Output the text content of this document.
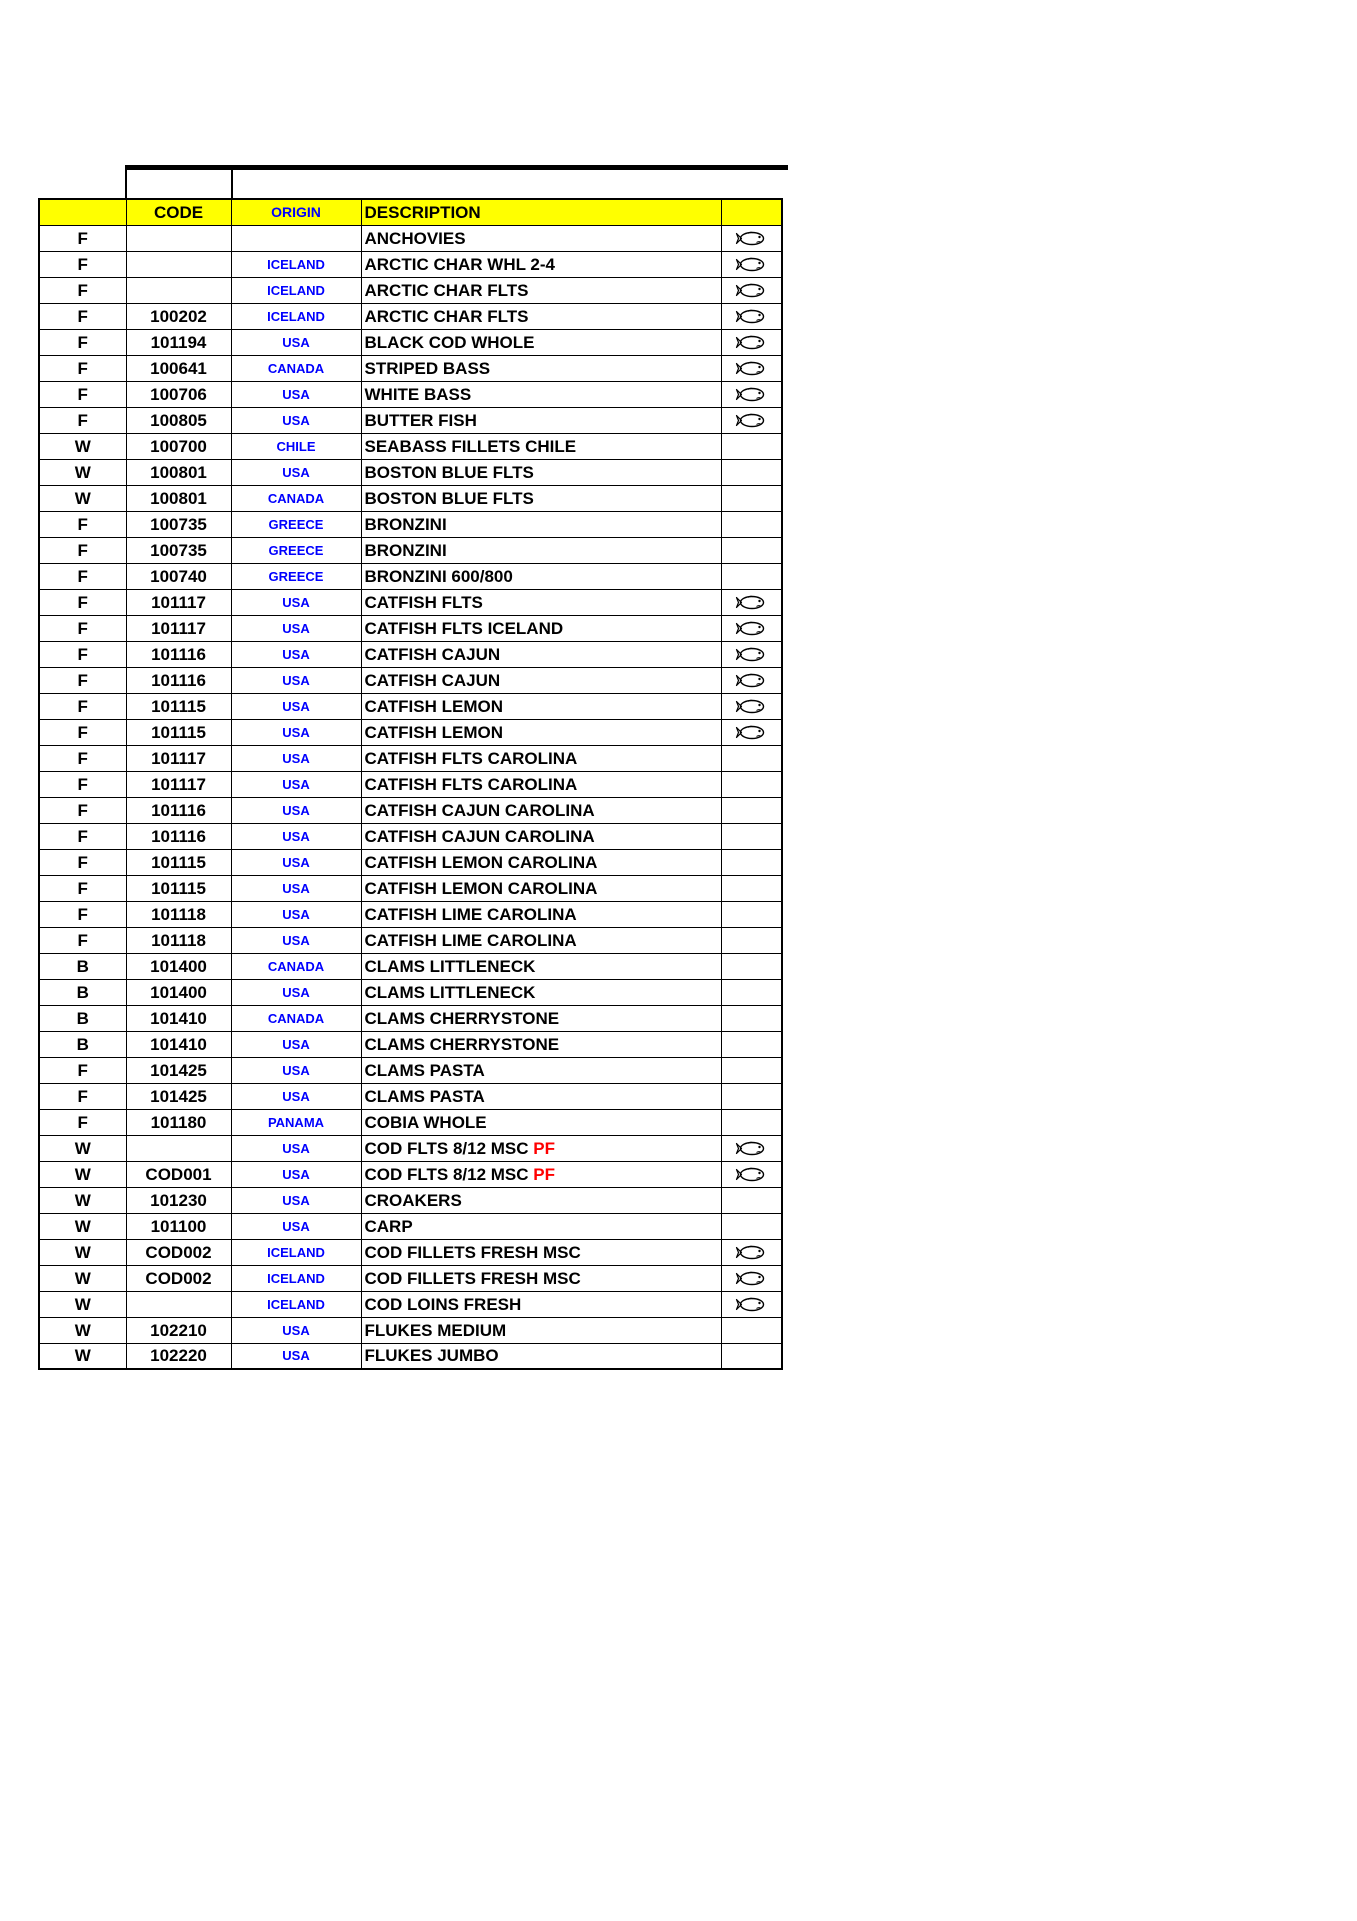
	CODE	ORIGIN	DESCRIPTION	
F			ANCHOVIES	
F		ICELAND	ARCTIC CHAR WHL 2-4	
F		ICELAND	ARCTIC CHAR FLTS	
F	100202	ICELAND	ARCTIC CHAR FLTS	
F	101194	USA	BLACK COD WHOLE	
F	100641	CANADA	STRIPED BASS	
F	100706	USA	WHITE BASS	
F	100805	USA	BUTTER FISH	
W	100700	CHILE	SEABASS FILLETS CHILE	
W	100801	USA	BOSTON BLUE FLTS	
W	100801	CANADA	BOSTON BLUE FLTS	
F	100735	GREECE	BRONZINI	
F	100735	GREECE	BRONZINI	
F	100740	GREECE	BRONZINI 600/800	
F	101117	USA	CATFISH FLTS	
F	101117	USA	CATFISH FLTS ICELAND	
F	101116	USA	CATFISH CAJUN	
F	101116	USA	CATFISH CAJUN	
F	101115	USA	CATFISH LEMON	
F	101115	USA	CATFISH LEMON	
F	101117	USA	CATFISH FLTS CAROLINA	
F	101117	USA	CATFISH FLTS CAROLINA	
F	101116	USA	CATFISH CAJUN CAROLINA	
F	101116	USA	CATFISH CAJUN CAROLINA	
F	101115	USA	CATFISH LEMON CAROLINA	
F	101115	USA	CATFISH LEMON CAROLINA	
F	101118	USA	CATFISH LIME CAROLINA	
F	101118	USA	CATFISH LIME CAROLINA	
B	101400	CANADA	CLAMS LITTLENECK	
B	101400	USA	CLAMS LITTLENECK	
B	101410	CANADA	CLAMS CHERRYSTONE	
B	101410	USA	CLAMS CHERRYSTONE	
F	101425	USA	CLAMS PASTA	
F	101425	USA	CLAMS PASTA	
F	101180	PANAMA	COBIA WHOLE	
W		USA	COD FLTS 8/12 MSC PF	
W	COD001	USA	COD FLTS 8/12 MSC PF	
W	101230	USA	CROAKERS	
W	101100	USA	CARP	
W	COD002	ICELAND	COD FILLETS FRESH MSC	
W	COD002	ICELAND	COD FILLETS FRESH MSC	
W		ICELAND	COD LOINS FRESH	
W	102210	USA	FLUKES MEDIUM	
W	102220	USA	FLUKES JUMBO	
